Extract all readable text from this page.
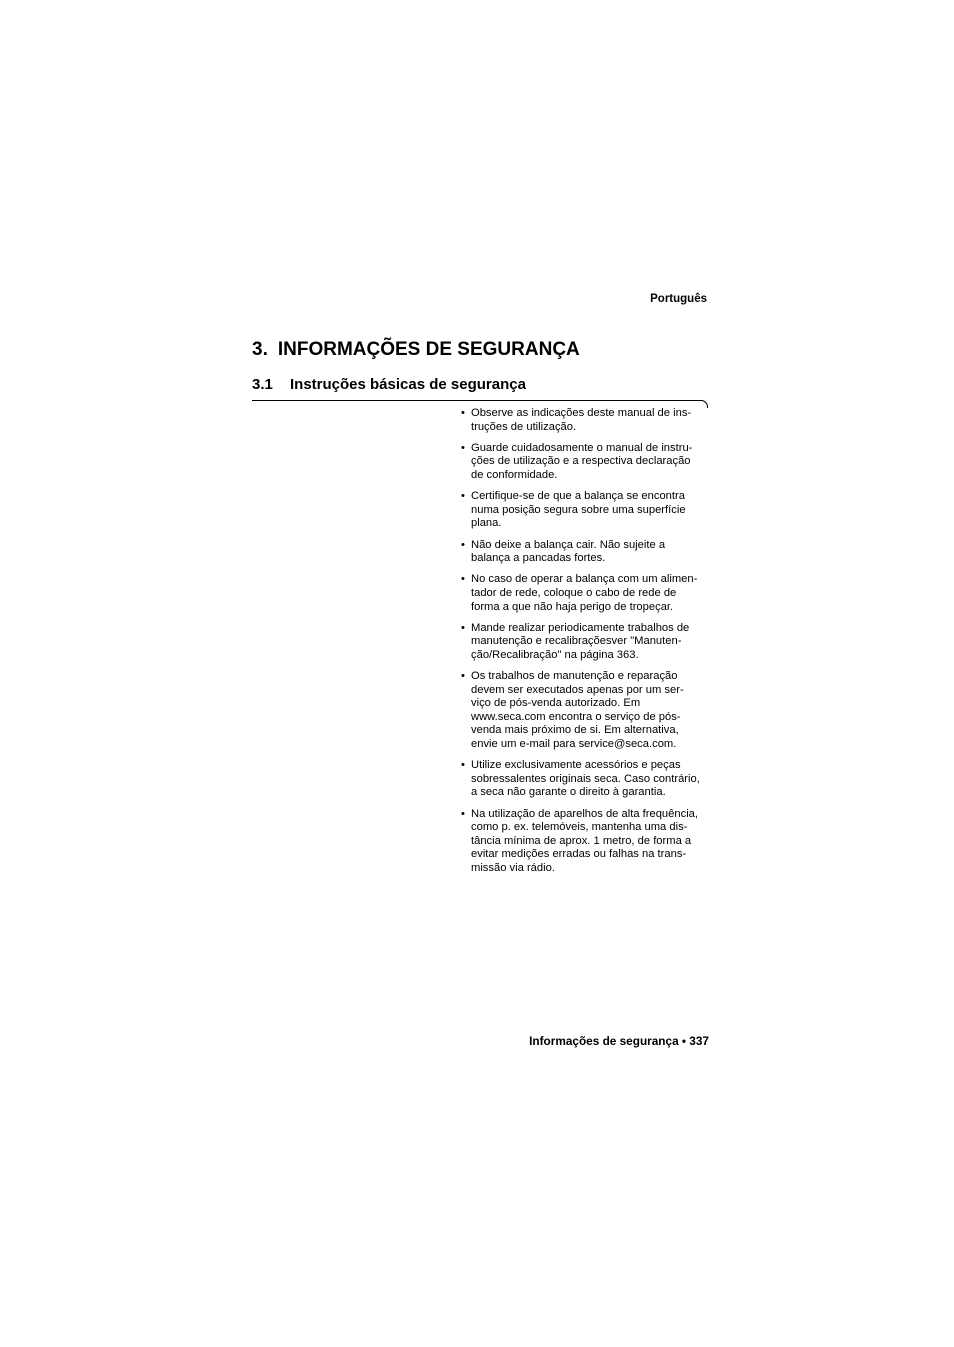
Português
3. INFORMAÇÕES DE SEGURANÇA
3.1 Instruções básicas de segurança
• Observe as indicações deste manual de ins-
truções de utilização.
• Guarde cuidadosamente o manual de instru-
ções de utilização e a respectiva declaração
de conformidade.
• Certifique-se de que a balança se encontra
numa posição segura sobre uma superfície
plana.
• Não deixe a balança cair. Não sujeite a
balança a pancadas fortes.
• No caso de operar a balança com um alimen-
tador de rede, coloque o cabo de rede de
forma a que não haja perigo de tropeçar.
• Mande realizar periodicamente trabalhos de
manutenção e recalibraçõesver "Manuten-
ção/Recalibração" na página 363.
• Os trabalhos de manutenção e reparação
devem ser executados apenas por um ser-
viço de pós-venda autorizado. Em
www.seca.com encontra o serviço de pós-
venda mais próximo de si. Em alternativa,
envie um e-mail para service@seca.com.
• Utilize exclusivamente acessórios e peças
sobressalentes originais seca. Caso contrário,
a seca não garante o direito à garantia.
• Na utilização de aparelhos de alta frequência,
como p. ex. telemóveis, mantenha uma dis-
tância mínima de aprox. 1 metro, de forma a
evitar medições erradas ou falhas na trans-
missão via rádio.
Informações de segurança • 337
